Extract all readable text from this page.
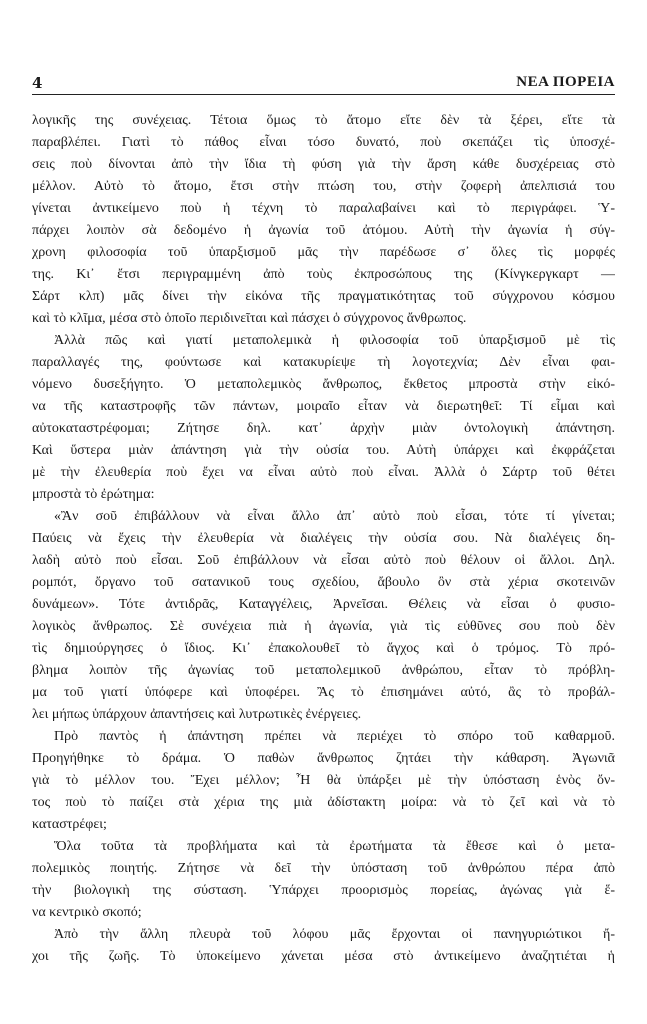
4	ΝΕΑ ΠΟΡΕΙΑ
λογικῆς της συνέχειας. Τέτοια ὅμως τὸ ἄτομο εἴτε δὲν τὰ ξέρει, εἴτε τὰ
παραβλέπει. Γιατὶ τὸ πάθος εἶναι τόσο δυνατό, ποὺ σκεπάζει τὶς ὑποσχέ-
σεις ποὺ δίνονται ἀπὸ τὴν ἴδια τὴ φύση γιὰ τὴν ἄρση κάθε δυσχέρειας στὸ
μέλλον. Αὐτὸ τὸ ἄτομο, ἔτσι στὴν πτώση του, στὴν ζοφερὴ ἀπελπισιά του
γίνεται ἀντικείμενο ποὺ ἡ τέχνη τὸ παραλαβαίνει καὶ τὸ περιγράφει. Ὑ-
πάρχει λοιπὸν σὰ δεδομένο ἡ ἀγωνία τοῦ ἀτόμου. Αὐτὴ τὴν ἀγωνία ἡ σύγ-
χρονη φιλοσοφία τοῦ ὑπαρξισμοῦ μᾶς τὴν παρέδωσε σ᾿ ὅλες τὶς μορφές
της. Κι᾿ ἔτσι περιγραμμένη ἀπὸ τοὺς ἐκπροσώπους της (Κίνγκεργκαρτ —
Σάρτ κλπ) μᾶς δίνει τὴν εἰκόνα τῆς πραγματικότητας τοῦ σύγχρονου κόσμου
καὶ τὸ κλῖμα, μέσα στὸ ὁποῖο περιδινεῖται καὶ πάσχει ὁ σύγχρονος ἄνθρωπος.
Ἀλλὰ πῶς καὶ γιατί μεταπολεμικὰ ἡ φιλοσοφία τοῦ ὑπαρξισμοῦ μὲ τὶς
παραλλαγές της, φούντωσε καὶ κατακυρίεψε τὴ λογοτεχνία; Δὲν εἶναι φαι-
νόμενο δυσεξήγητο. Ὁ μεταπολεμικὸς ἄνθρωπος, ἔκθετος μπροστὰ στὴν εἰκό-
να τῆς καταστροφῆς τῶν πάντων, μοιραῖο εἶταν νὰ διερωτηθεῖ: Τί εἶμαι καὶ
αὐτοκαταστρέφομαι; Ζήτησε δηλ. κατ᾿ ἀρχὴν μιὰν ὀντολογικὴ ἀπάντηση.
Καὶ ὕστερα μιὰν ἀπάντηση γιὰ τὴν οὐσία του. Αὐτὴ ὑπάρχει καὶ ἐκφράζεται
μὲ τὴν ἐλευθερία ποὺ ἔχει να εἶναι αὐτὸ ποὺ εἶναι. Ἀλλὰ ὁ Σάρτρ τοῦ θέτει
μπροστὰ τὸ ἐρώτημα:
«Ἂν σοῦ ἐπιβάλλουν νὰ εἶναι ἄλλο ἀπ᾿ αὐτὸ ποὺ εἶσαι, τότε τί γίνεται;
Παύεις νὰ ἔχεις τὴν ἐλευθερία νὰ διαλέγεις τὴν οὐσία σου. Νὰ διαλέγεις δη-
λαδὴ αὐτὸ ποὺ εἶσαι. Σοῦ ἐπιβάλλουν νὰ εἶσαι αὐτὸ ποὺ θέλουν οἱ ἄλλοι. Δηλ.
ρομπότ, ὄργανο τοῦ σατανικοῦ τους σχεδίου, ἄβουλο ὂν στὰ χέρια σκοτεινῶν
δυνάμεων». Τότε ἀντιδρᾶς, Καταγγέλεις, Ἀρνεῖσαι. Θέλεις νὰ εἶσαι ὁ φυσιο-
λογικὸς ἄνθρωπος. Σὲ συνέχεια πιὰ ἡ ἀγωνία, γιὰ τὶς εὐθῦνες σου ποὺ δὲν
τὶς δημιούργησες ὁ ἴδιος. Κι᾿ ἐπακολουθεῖ τὸ ἄγχος καὶ ὁ τρόμος. Τὸ πρό-
βλημα λοιπὸν τῆς ἀγωνίας τοῦ μεταπολεμικοῦ ἀνθρώπου, εἶταν τὸ πρόβλη-
μα τοῦ γιατί ὑπόφερε καὶ ὑποφέρει. Ἂς τὸ ἐπισημάνει αὐτό, ἂς τὸ προβάλ-
λει μήπως ὑπάρχουν ἀπαντήσεις καὶ λυτρωτικὲς ἐνέργειες.
Πρὸ παντὸς ἡ ἀπάντηση πρέπει νὰ περιέχει τὸ σπόρο τοῦ καθαρμοῦ.
Προηγήθηκε τὸ δράμα. Ὁ παθὼν ἄνθρωπος ζητάει τὴν κάθαρση. Ἀγωνιᾶ
γιὰ τὸ μέλλον του. Ἔχει μέλλον; Ἦ θὰ ὑπάρξει μὲ τὴν ὑπόσταση ἑνὸς ὄν-
τος ποὺ τὸ παίζει στὰ χέρια της μιὰ ἀδίστακτη μοίρα: νὰ τὸ ζεῖ καὶ νὰ τὸ
καταστρέφει;
Ὅλα τοῦτα τὰ προβλήματα καὶ τὰ ἐρωτήματα τὰ ἔθεσε καὶ ὁ μετα-
πολεμικὸς ποιητής. Ζήτησε νὰ δεῖ τὴν ὑπόσταση τοῦ ἀνθρώπου πέρα ἀπὸ
τὴν βιολογικὴ της σύσταση. Ὑπάρχει προορισμὸς πορείας, ἀγώνας γιὰ ἕ-
να κεντρικὸ σκοπό;
Ἀπὸ τὴν ἄλλη πλευρὰ τοῦ λόφου μᾶς ἔρχονται οἱ πανηγυριώτικοι ἤ-
χοι τῆς ζωῆς. Τὸ ὑποκείμενο χάνεται μέσα στὸ ἀντικείμενο ἀναζητιέται ἡ
